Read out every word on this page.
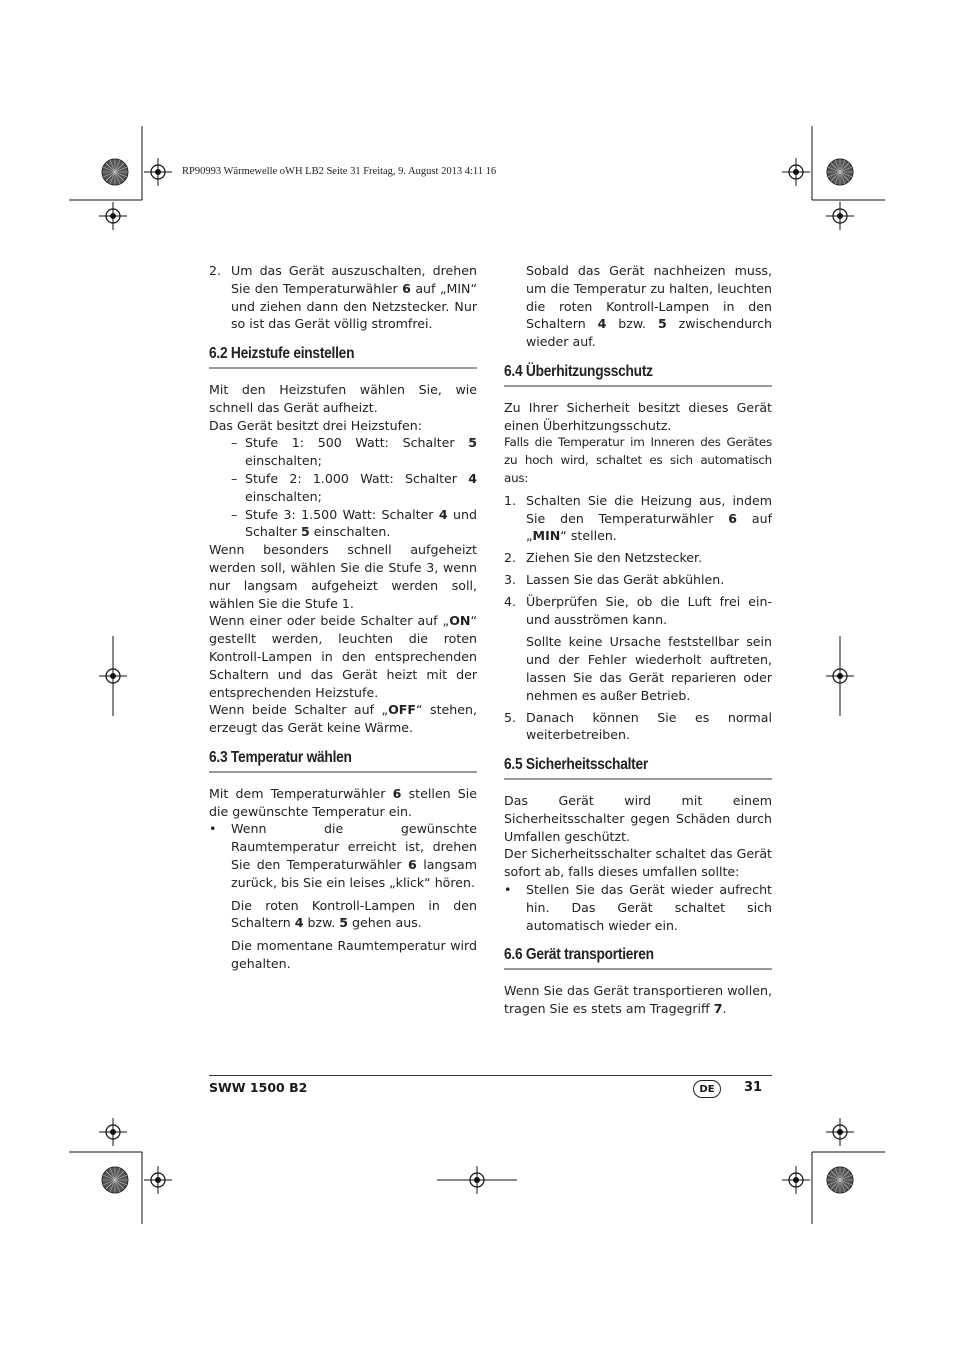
RP90993 Wärmewelle oWH LB2 Seite 31 Freitag, 9. August 2013 4:11 16
2. Um das Gerät auszuschalten, drehen Sie den Temperaturwähler 6 auf „MIN“ und ziehen dann den Netzstecker. Nur so ist das Gerät völlig stromfrei.
6.2 Heizstufe einstellen

Mit den Heizstufen wählen Sie, wie schnell das Gerät aufheizt.

Das Gerät besitzt drei Heizstufen:

– Stufe 1: 500 Watt: Schalter 5 einschalten;
– Stufe 2: 1.000 Watt: Schalter 4 einschalten;
– Stufe 3: 1.500 Watt: Schalter 4 und Schalter 5 einschalten.

Wenn besonders schnell aufgeheizt werden soll, wählen Sie die Stufe 3, wenn nur langsam aufgeheizt werden soll, wählen Sie die Stufe 1.

Wenn einer oder beide Schalter auf „ON“ gestellt werden, leuchten die roten Kontroll-Lampen in den entsprechenden Schaltern und das Gerät heizt mit der entsprechenden Heizstufe.

Wenn beide Schalter auf „OFF“ stehen, erzeugt das Gerät keine Wärme.

6.3 Temperatur wählen

Mit dem Temperaturwähler 6 stellen Sie die gewünschte Temperatur ein.

•	Wenn die gewünschte Raumtemperatur erreicht ist, drehen Sie den Temperaturwähler 6 langsam zurück, bis Sie ein leises „klick“ hören.

Die roten Kontroll-Lampen in den Schaltern 4 bzw. 5 gehen aus.

Die momentane Raumtemperatur wird gehalten.

Sobald das Gerät nachheizen muss, um die Temperatur zu halten, leuchten die roten Kontroll-Lampen in den Schaltern 4 bzw. 5 zwischendurch wieder auf.

6.4 Überhitzungsschutz

Zu Ihrer Sicherheit besitzt dieses Gerät einen Überhitzungsschutz.

Falls die Temperatur im Inneren des Gerätes zu hoch wird, schaltet es sich automatisch aus:

1. Schalten Sie die Heizung aus, indem Sie den Temperaturwähler 6 auf „MIN“ stellen.
2. Ziehen Sie den Netzstecker.
3. Lassen Sie das Gerät abkühlen.
4. Überprüfen Sie, ob die Luft frei ein- und ausströmen kann.

Sollte keine Ursache feststellbar sein und der Fehler wiederholt auftreten, lassen Sie das Gerät reparieren oder nehmen es außer Betrieb.

5. Danach können Sie es normal weiterbetreiben.
6.5 Sicherheitsschalter

Das Gerät wird mit einem Sicherheitsschalter gegen Schäden durch Umfallen geschützt.

Der Sicherheitsschalter schaltet das Gerät sofort ab, falls dieses umfallen sollte:

•	Stellen Sie das Gerät wieder aufrecht hin. Das Gerät schaltet sich automatisch wieder ein.
6.6 Gerät transportieren

Wenn Sie das Gerät transportieren wollen, tragen Sie es stets am Tragegriff 7.

SWW 1500 B2	DE	31
